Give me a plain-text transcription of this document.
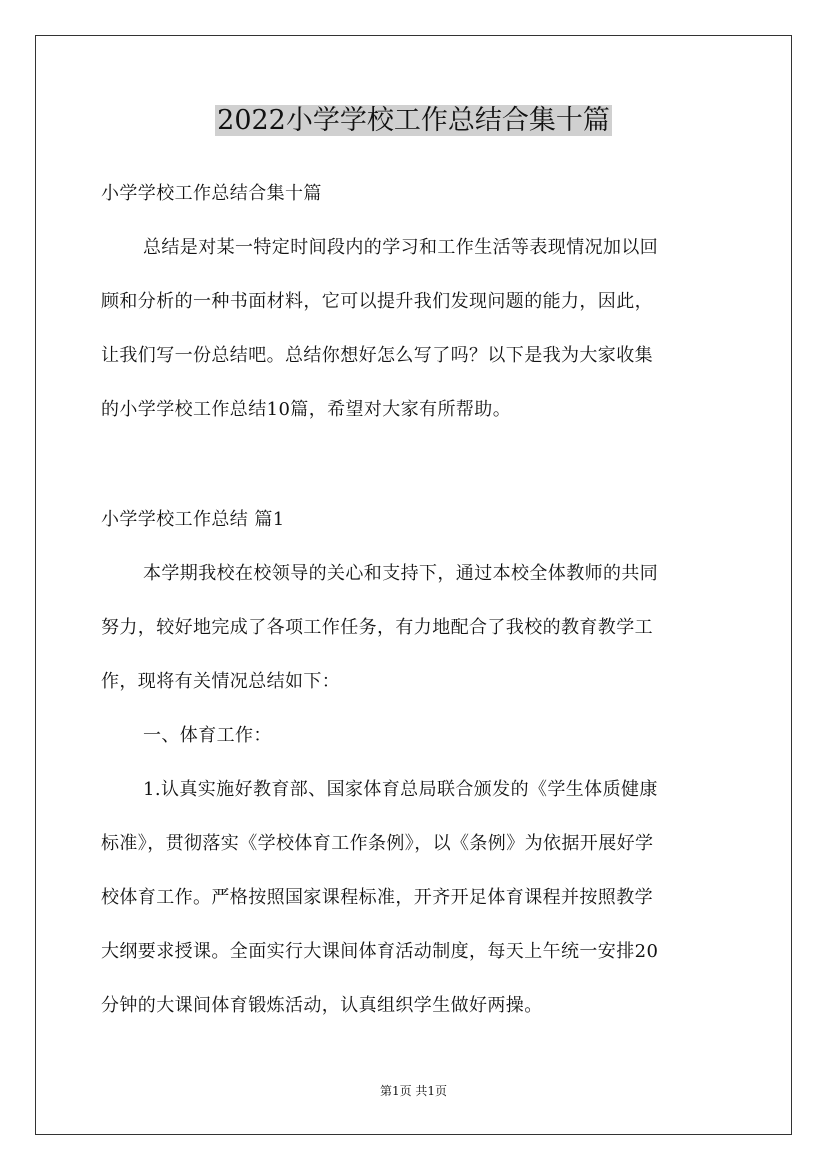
2022小学学校工作总结合集十篇
小学学校工作总结合集十篇
总结是对某一特定时间段内的学习和工作生活等表现情况加以回
顾和分析的一种书面材料，它可以提升我们发现问题的能力，因此，
让我们写一份总结吧。总结你想好怎么写了吗？以下是我为大家收集
的小学学校工作总结10篇，希望对大家有所帮助。
小学学校工作总结 篇1
本学期我校在校领导的关心和支持下，通过本校全体教师的共同
努力，较好地完成了各项工作任务，有力地配合了我校的教育教学工
作，现将有关情况总结如下：
一、体育工作：
1.认真实施好教育部、国家体育总局联合颁发的《学生体质健康
标准》，贯彻落实《学校体育工作条例》，以《条例》为依据开展好学
校体育工作。严格按照国家课程标准，开齐开足体育课程并按照教学
大纲要求授课。全面实行大课间体育活动制度，每天上午统一安排20
分钟的大课间体育锻炼活动，认真组织学生做好两操。
第1页 共1页
